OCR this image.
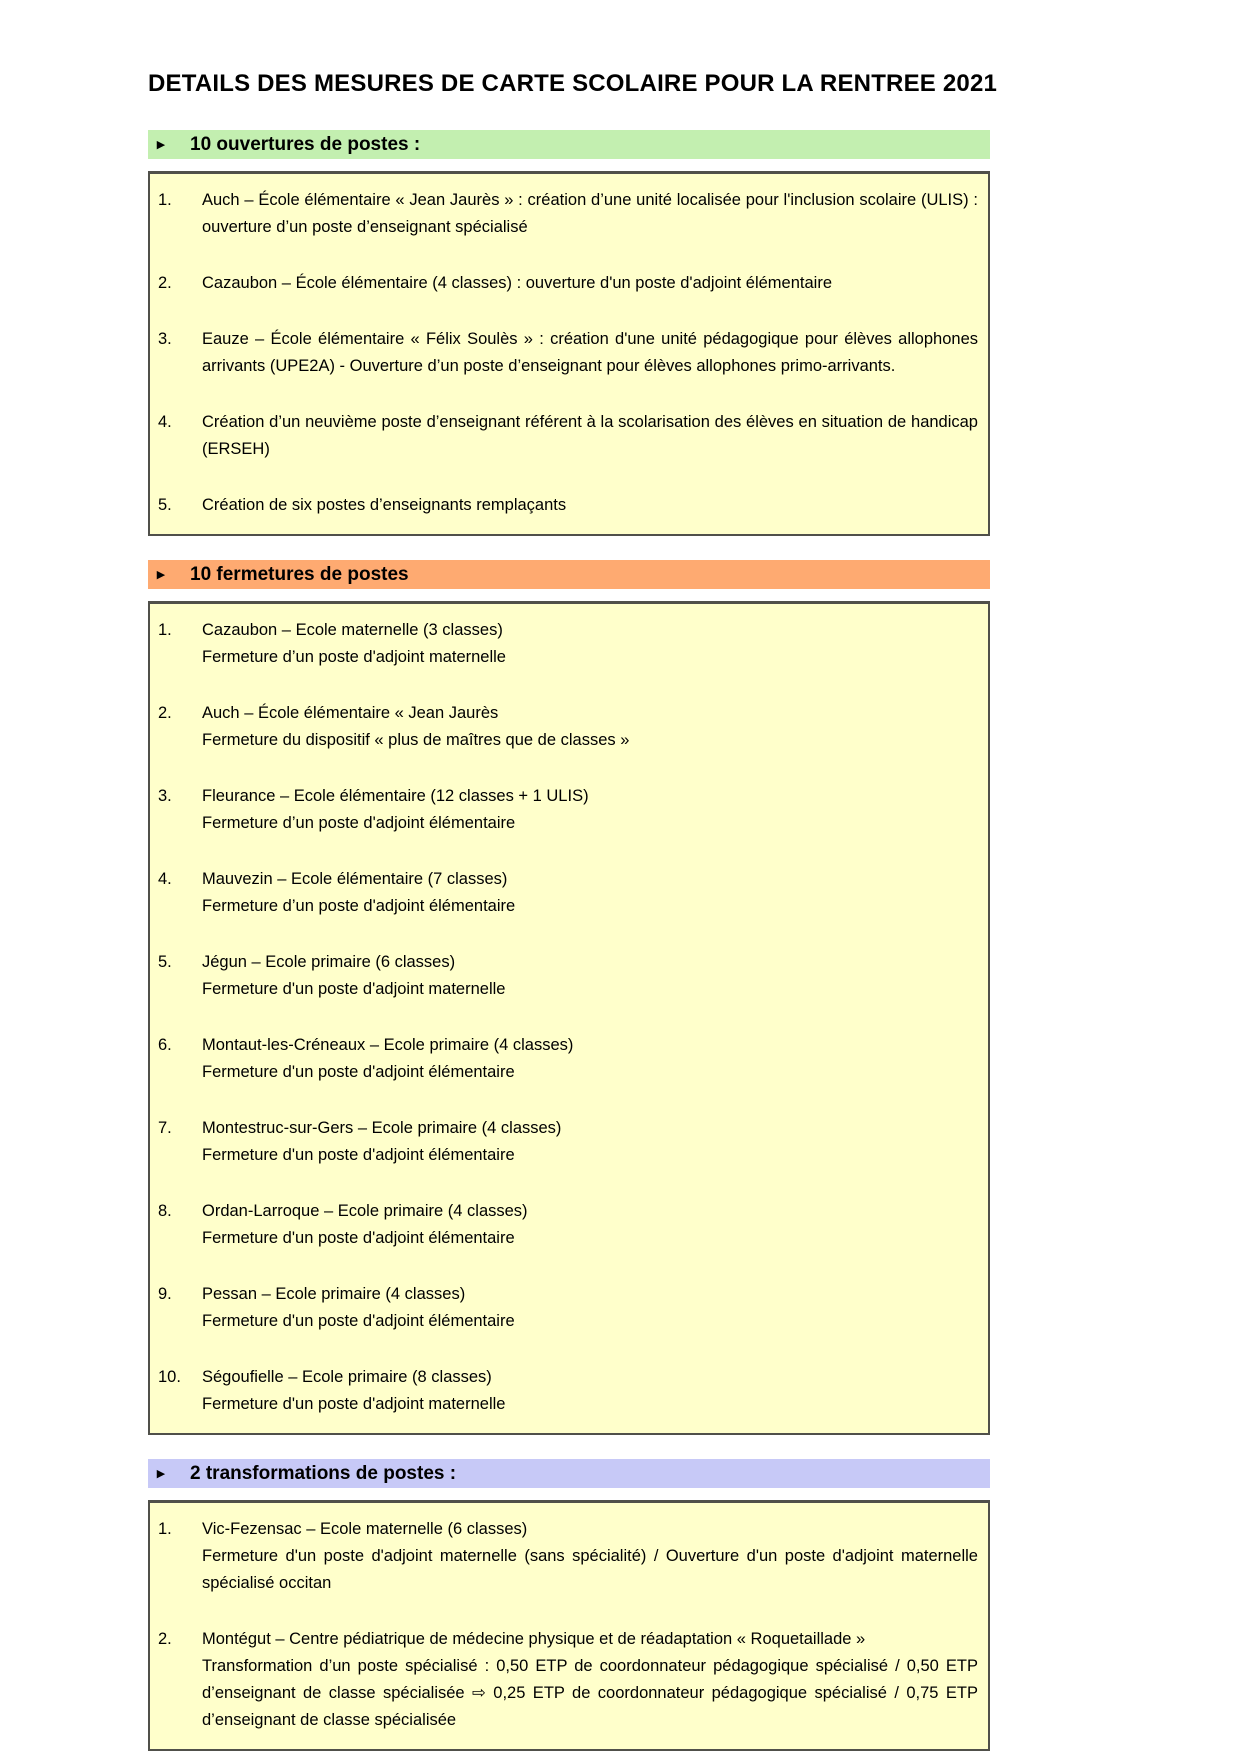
DETAILS DES MESURES DE CARTE SCOLAIRE POUR LA RENTREE 2021
▸	10 ouvertures de postes :
1.	Auch – École élémentaire « Jean Jaurès » : création d’une unité localisée pour l'inclusion scolaire (ULIS) : ouverture d’un poste d’enseignant spécialisé
2.	Cazaubon – École élémentaire (4 classes) : ouverture d'un poste d'adjoint élémentaire
3.	Eauze – École élémentaire « Félix Soulès » : création d'une unité pédagogique pour élèves allophones arrivants (UPE2A) - Ouverture d’un poste d’enseignant pour élèves allophones primo-arrivants.
4.	Création d’un neuvième poste d’enseignant référent à la scolarisation des élèves en situation de handicap (ERSEH)
5.	Création de six postes d’enseignants remplaçants
▸	10 fermetures de postes
1.	Cazaubon – Ecole maternelle (3 classes)
Fermeture d’un poste d'adjoint maternelle
2.	Auch – École élémentaire « Jean Jaurès
Fermeture du dispositif « plus de maîtres que de classes »
3.	Fleurance – Ecole élémentaire (12 classes + 1 ULIS)
Fermeture d’un poste d'adjoint élémentaire
4.	Mauvezin – Ecole élémentaire (7 classes)
Fermeture d’un poste d'adjoint élémentaire
5.	Jégun – Ecole primaire (6 classes)
Fermeture d'un poste d'adjoint maternelle
6.	Montaut-les-Créneaux – Ecole primaire (4 classes)
Fermeture d'un poste d'adjoint élémentaire
7.	Montestruc-sur-Gers – Ecole primaire (4 classes)
Fermeture d'un poste d'adjoint élémentaire
8.	Ordan-Larroque – Ecole primaire (4 classes)
Fermeture d'un poste d'adjoint élémentaire
9.	Pessan – Ecole primaire (4 classes)
Fermeture d'un poste d'adjoint élémentaire
10.	Ségoufielle – Ecole primaire (8 classes)
Fermeture d'un poste d'adjoint maternelle
▸	2 transformations de postes :
1.	Vic-Fezensac – Ecole maternelle (6 classes)
Fermeture d'un poste d'adjoint maternelle (sans spécialité) / Ouverture d'un poste d'adjoint maternelle spécialisé occitan
2.	Montégut – Centre pédiatrique de médecine physique et de réadaptation « Roquetaillade »
Transformation d’un poste spécialisé : 0,50 ETP de coordonnateur pédagogique spécialisé / 0,50 ETP d’enseignant de classe spécialisée ⇨ 0,25 ETP de coordonnateur pédagogique spécialisé / 0,75 ETP d’enseignant de classe spécialisée
